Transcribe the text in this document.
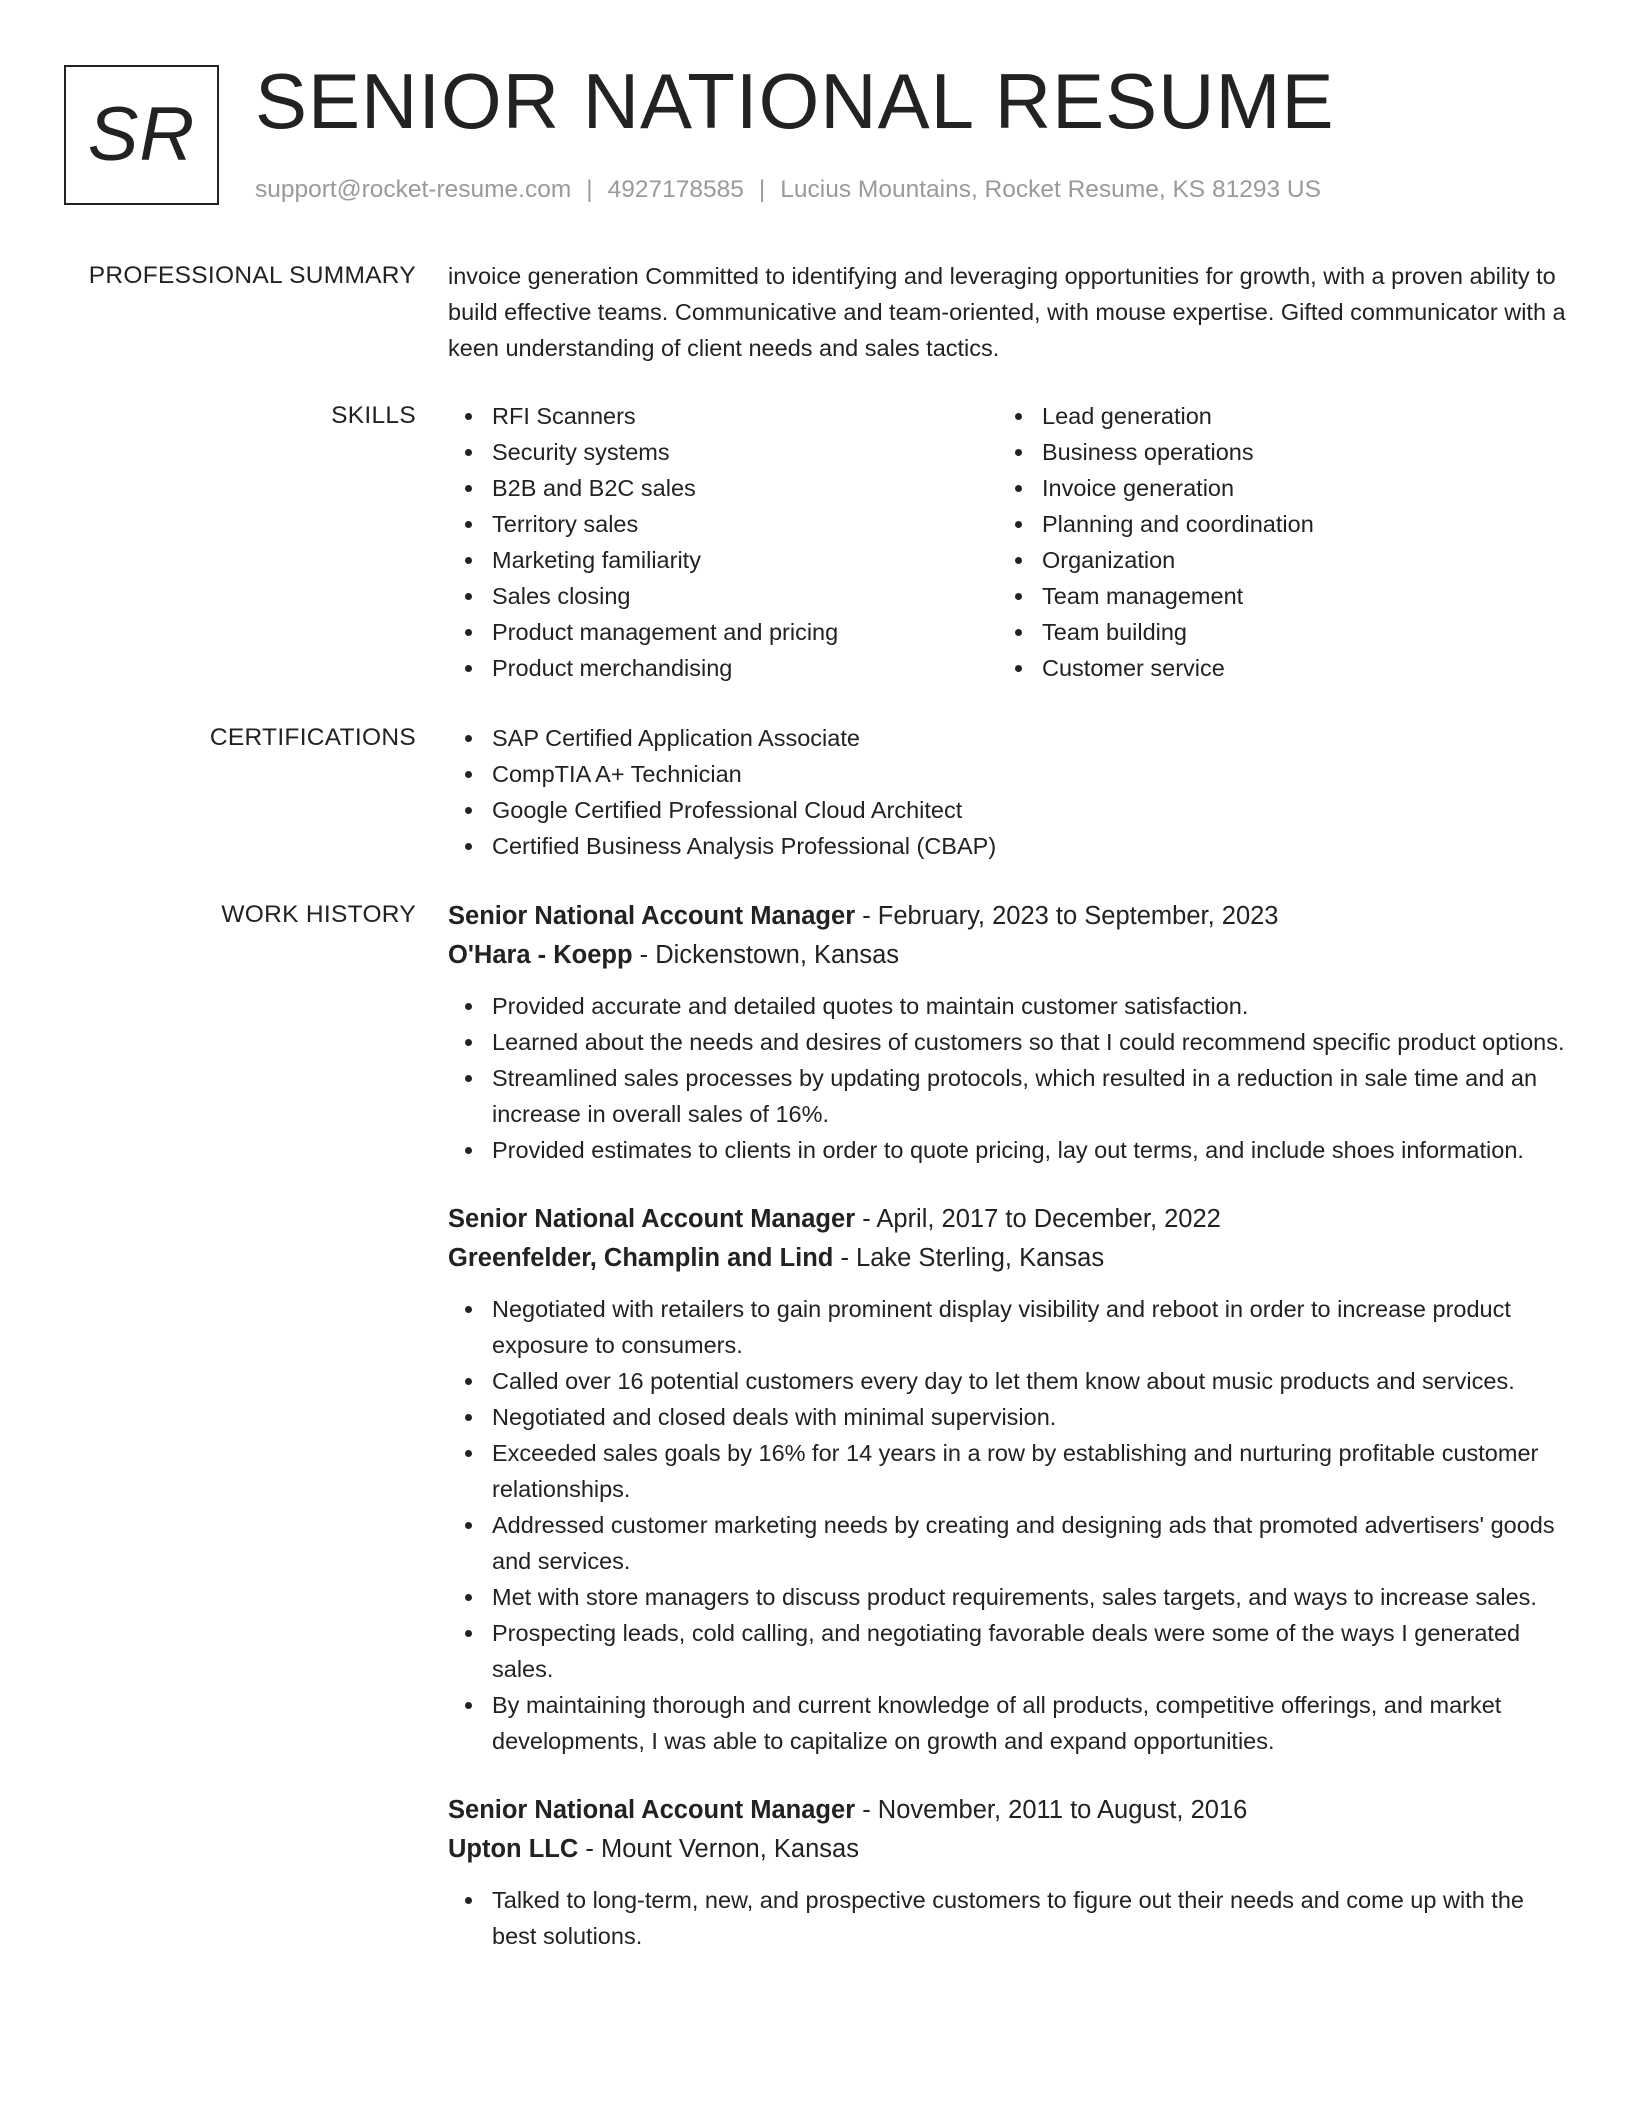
SR SENIOR NATIONAL RESUME
support@rocket-resume.com | 4927178585 | Lucius Mountains, Rocket Resume, KS 81293 US
PROFESSIONAL SUMMARY invoice generation Committed to identifying and leveraging opportunities for growth, with a proven ability to build effective teams. Communicative and team-oriented, with mouse expertise. Gifted communicator with a keen understanding of client needs and sales tactics.

SKILLS	RFI Scanners
Security systems
B2B and B2C sales
Territory sales
Marketing familiarity
Sales closing
Product management and pricing
Product merchandising
Lead generation
Business operations
Invoice generation
Planning and coordination
Organization
Team management
Team building
Customer service
CERTIFICATIONS	SAP Certified Application Associate
CompTIA A+ Technician
Google Certified Professional Cloud Architect
Certified Business Analysis Professional (CBAP)
WORK HISTORY Senior National Account Manager - February, 2023 to September, 2023
O'Hara - Koepp - Dickenstown, Kansas
Provided accurate and detailed quotes to maintain customer satisfaction.
Learned about the needs and desires of customers so that I could recommend specific product options.
Streamlined sales processes by updating protocols, which resulted in a reduction in sale time and an increase in overall sales of 16%.
Provided estimates to clients in order to quote pricing, lay out terms, and include shoes information.
Senior National Account Manager - April, 2017 to December, 2022
Greenfelder, Champlin and Lind - Lake Sterling, Kansas
Negotiated with retailers to gain prominent display visibility and reboot in order to increase product exposure to consumers.
Called over 16 potential customers every day to let them know about music products and services.
Negotiated and closed deals with minimal supervision.
Exceeded sales goals by 16% for 14 years in a row by establishing and nurturing profitable customer relationships.
Addressed customer marketing needs by creating and designing ads that promoted advertisers' goods and services.
Met with store managers to discuss product requirements, sales targets, and ways to increase sales.
Prospecting leads, cold calling, and negotiating favorable deals were some of the ways I generated sales.
By maintaining thorough and current knowledge of all products, competitive offerings, and market developments, I was able to capitalize on growth and expand opportunities.
Senior National Account Manager - November, 2011 to August, 2016
Upton LLC - Mount Vernon, Kansas
Talked to long-term, new, and prospective customers to figure out their needs and come up with the best solutions.
